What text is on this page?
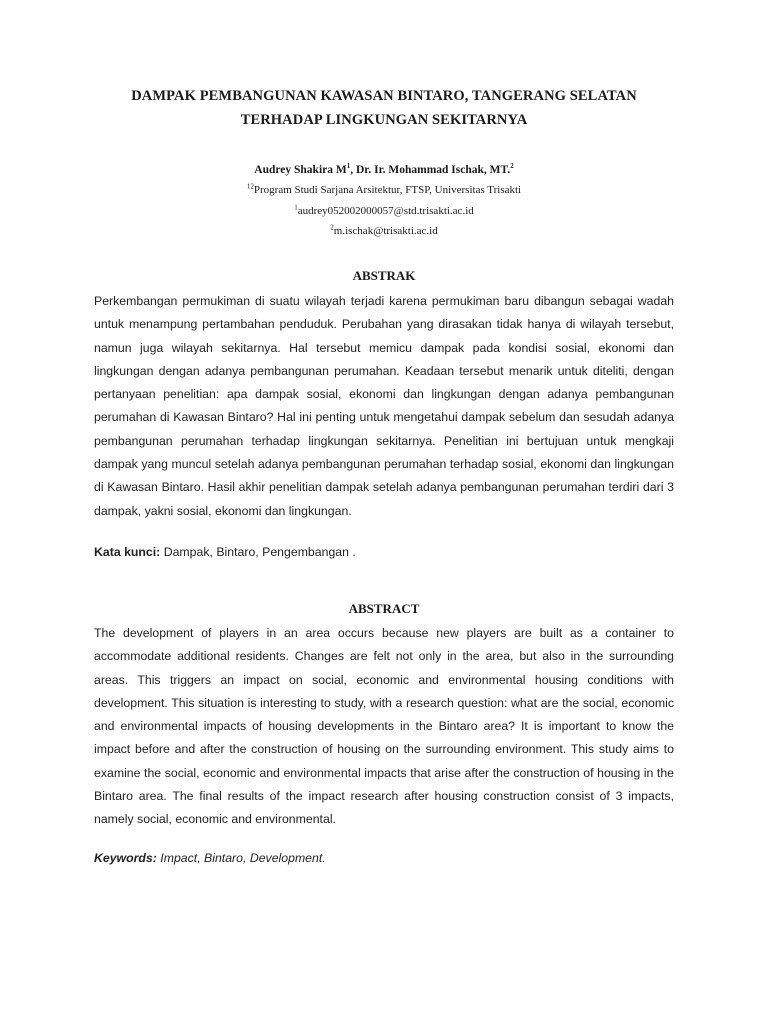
DAMPAK PEMBANGUNAN KAWASAN BINTARO, TANGERANG SELATAN
TERHADAP LINGKUNGAN SEKITARNYA
Audrey Shakira $M^1$, Dr. Ir. Mohammad Ischak, MT.$^2$
$^{12}$Program Studi Sarjana Arsitektur, FTSP, Universitas Trisakti
$^1$audrey052002000057@std.trisakti.ac.id
$^2$m.ischak@trisakti.ac.id
ABSTRAK
Perkembangan permukiman di suatu wilayah terjadi karena permukiman baru dibangun sebagai wadah untuk menampung pertambahan penduduk. Perubahan yang dirasakan tidak hanya di wilayah tersebut, namun juga wilayah sekitarnya. Hal tersebut memicu dampak pada kondisi sosial, ekonomi dan lingkungan dengan adanya pembangunan perumahan. Keadaan tersebut menarik untuk diteliti, dengan pertanyaan penelitian: apa dampak sosial, ekonomi dan lingkungan dengan adanya pembangunan perumahan di Kawasan Bintaro? Hal ini penting untuk mengetahui dampak sebelum dan sesudah adanya pembangunan perumahan terhadap lingkungan sekitarnya. Penelitian ini bertujuan untuk mengkaji dampak yang muncul setelah adanya pembangunan perumahan terhadap sosial, ekonomi dan lingkungan di Kawasan Bintaro. Hasil akhir penelitian dampak setelah adanya pembangunan perumahan terdiri dari 3 dampak, yakni sosial, ekonomi dan lingkungan.
Kata kunci: Dampak, Bintaro, Pengembangan .
ABSTRACT
The development of players in an area occurs because new players are built as a container to accommodate additional residents. Changes are felt not only in the area, but also in the surrounding areas. This triggers an impact on social, economic and environmental housing conditions with development. This situation is interesting to study, with a research question: what are the social, economic and environmental impacts of housing developments in the Bintaro area? It is important to know the impact before and after the construction of housing on the surrounding environment. This study aims to examine the social, economic and environmental impacts that arise after the construction of housing in the Bintaro area. The final results of the impact research after housing construction consist of 3 impacts, namely social, economic and environmental.
Keywords: Impact, Bintaro, Development.
